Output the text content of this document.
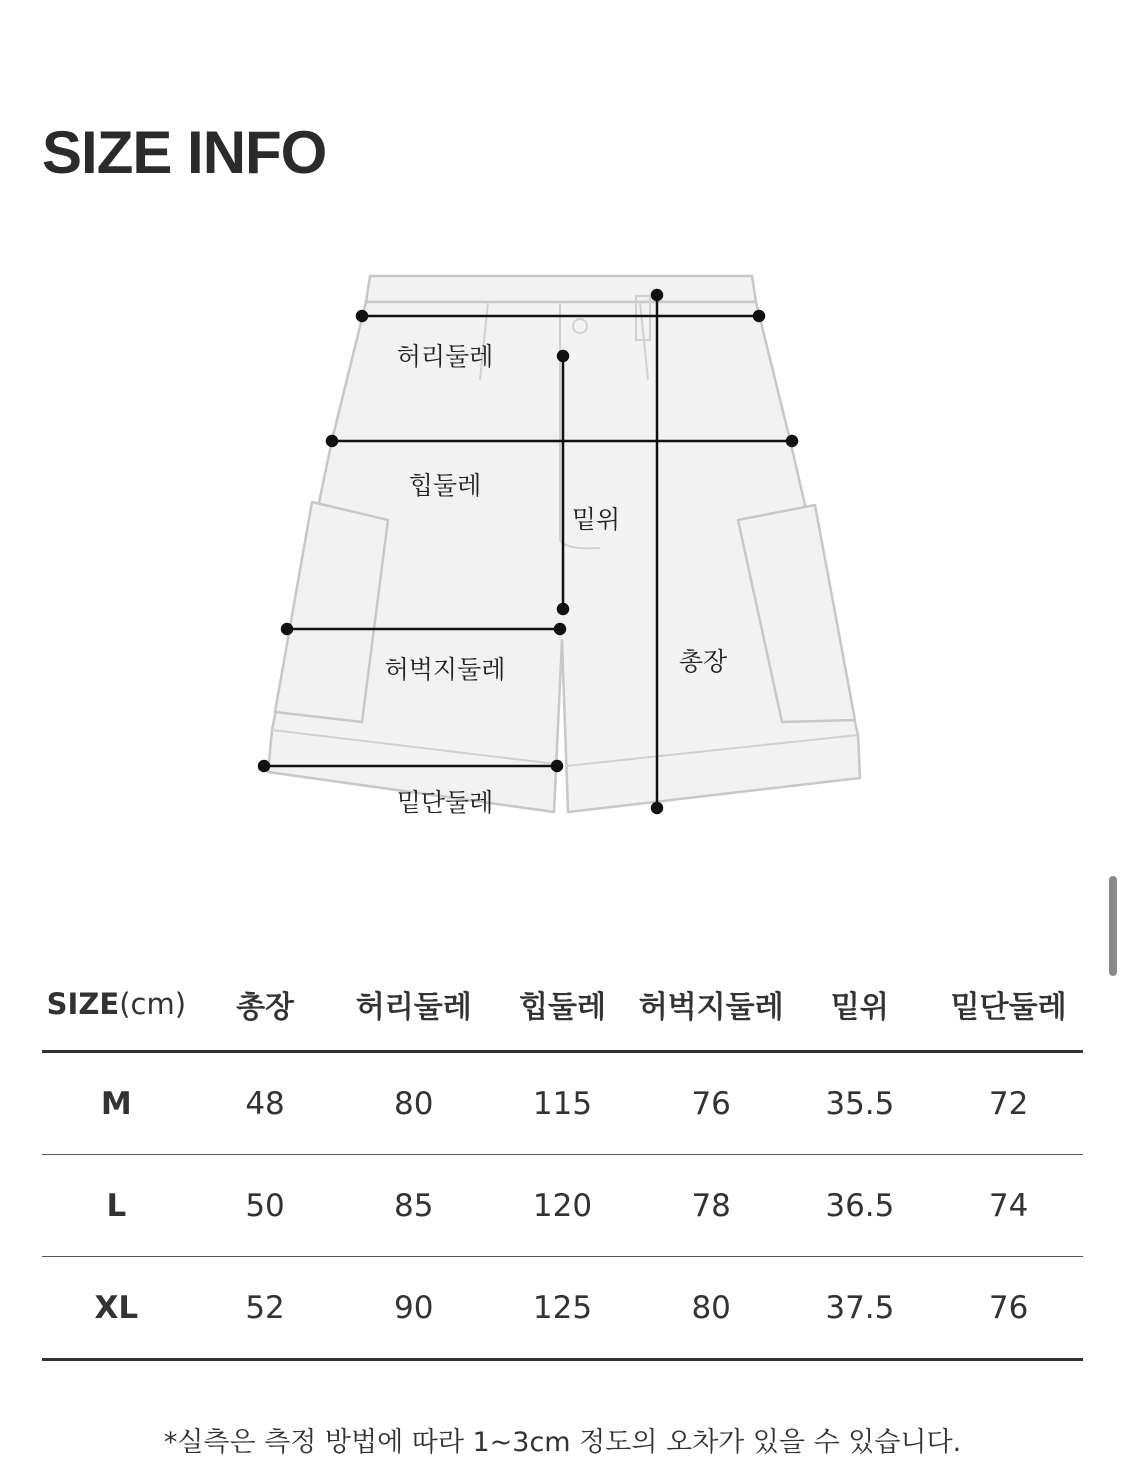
SIZE INFO
허리둘레
힙둘레
밑위
허벅지둘레	총장
밑단둘레
SIZE(cm)	총장	허리둘레	힙둘레	허벅지둘레	밑위	밑단둘레
M	48	80	115	76	35.5	72
L	50	85	120	78	36.5	74
XL	52	90	125	80	37.5	76
*실측은 측정 방법에 따라 1~3cm 정도의 오차가 있을 수 있습니다.
